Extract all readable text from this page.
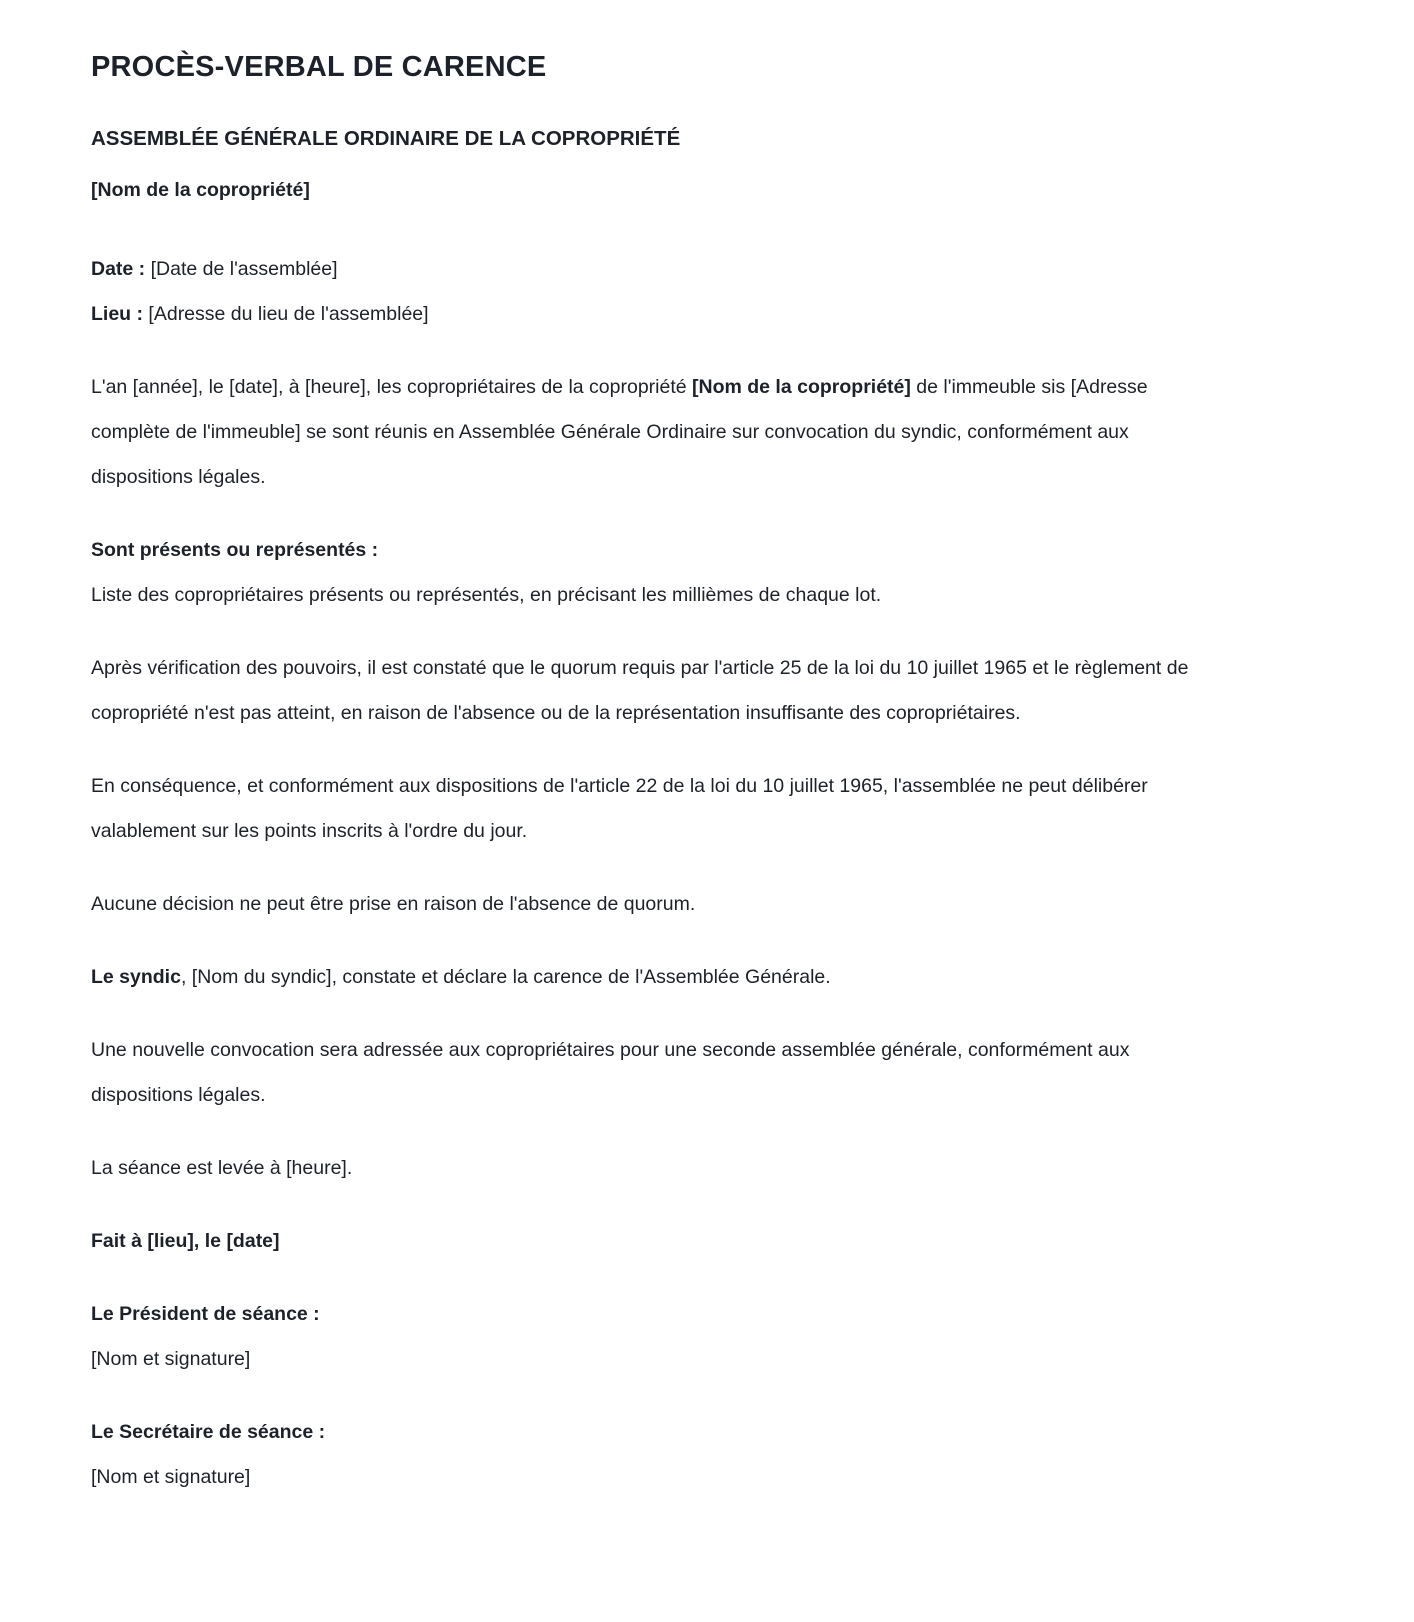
PROCÈS-VERBAL DE CARENCE
ASSEMBLÉE GÉNÉRALE ORDINAIRE DE LA COPROPRIÉTÉ

[Nom de la copropriété]

Date : [Date de l'assemblée]
Lieu : [Adresse du lieu de l'assemblée]

L'an [année], le [date], à [heure], les copropriétaires de la copropriété [Nom de la copropriété] de l'immeuble sis [Adresse complète de l'immeuble] se sont réunis en Assemblée Générale Ordinaire sur convocation du syndic, conformément aux dispositions légales.

Sont présents ou représentés :
Liste des copropriétaires présents ou représentés, en précisant les millièmes de chaque lot.

Après vérification des pouvoirs, il est constaté que le quorum requis par l'article 25 de la loi du 10 juillet 1965 et le règlement de copropriété n'est pas atteint, en raison de l'absence ou de la représentation insuffisante des copropriétaires.

En conséquence, et conformément aux dispositions de l'article 22 de la loi du 10 juillet 1965, l'assemblée ne peut délibérer valablement sur les points inscrits à l'ordre du jour.

Aucune décision ne peut être prise en raison de l'absence de quorum.

Le syndic, [Nom du syndic], constate et déclare la carence de l'Assemblée Générale.

Une nouvelle convocation sera adressée aux copropriétaires pour une seconde assemblée générale, conformément aux dispositions légales.

La séance est levée à [heure].

Fait à [lieu], le [date]

Le Président de séance :
[Nom et signature]

Le Secrétaire de séance :
[Nom et signature]
